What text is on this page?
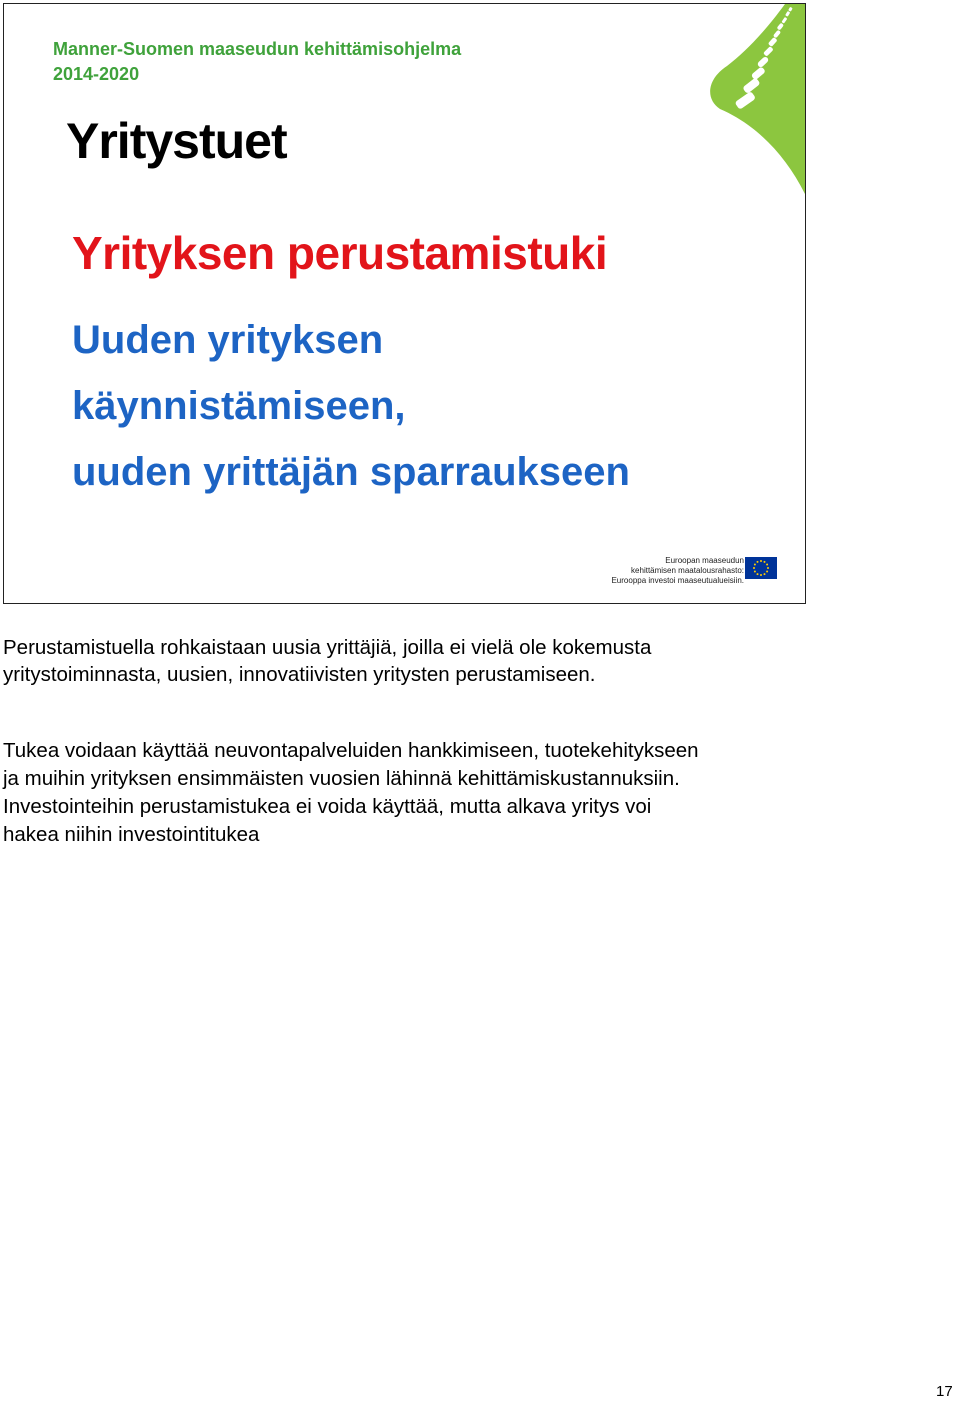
Manner-Suomen maaseudun kehittämisohjelma
2014-2020
Yritystuet
Yrityksen perustamistuki
Uuden yrityksen
käynnistämiseen,
uuden yrittäjän sparraukseen
Euroopan maaseudun
kehittämisen maatalousrahasto:
Eurooppa investoi maaseutualueisiin.
Perustamistuella rohkaistaan uusia yrittäjiä, joilla ei vielä ole kokemusta
yritystoiminnasta, uusien, innovatiivisten yritysten perustamiseen.
Tukea voidaan käyttää neuvontapalveluiden hankkimiseen, tuotekehitykseen
ja muihin yrityksen ensimmäisten vuosien lähinnä kehittämiskustannuksiin.
Investointeihin perustamistukea ei voida käyttää, mutta alkava yritys voi
hakea niihin investointitukea
17
